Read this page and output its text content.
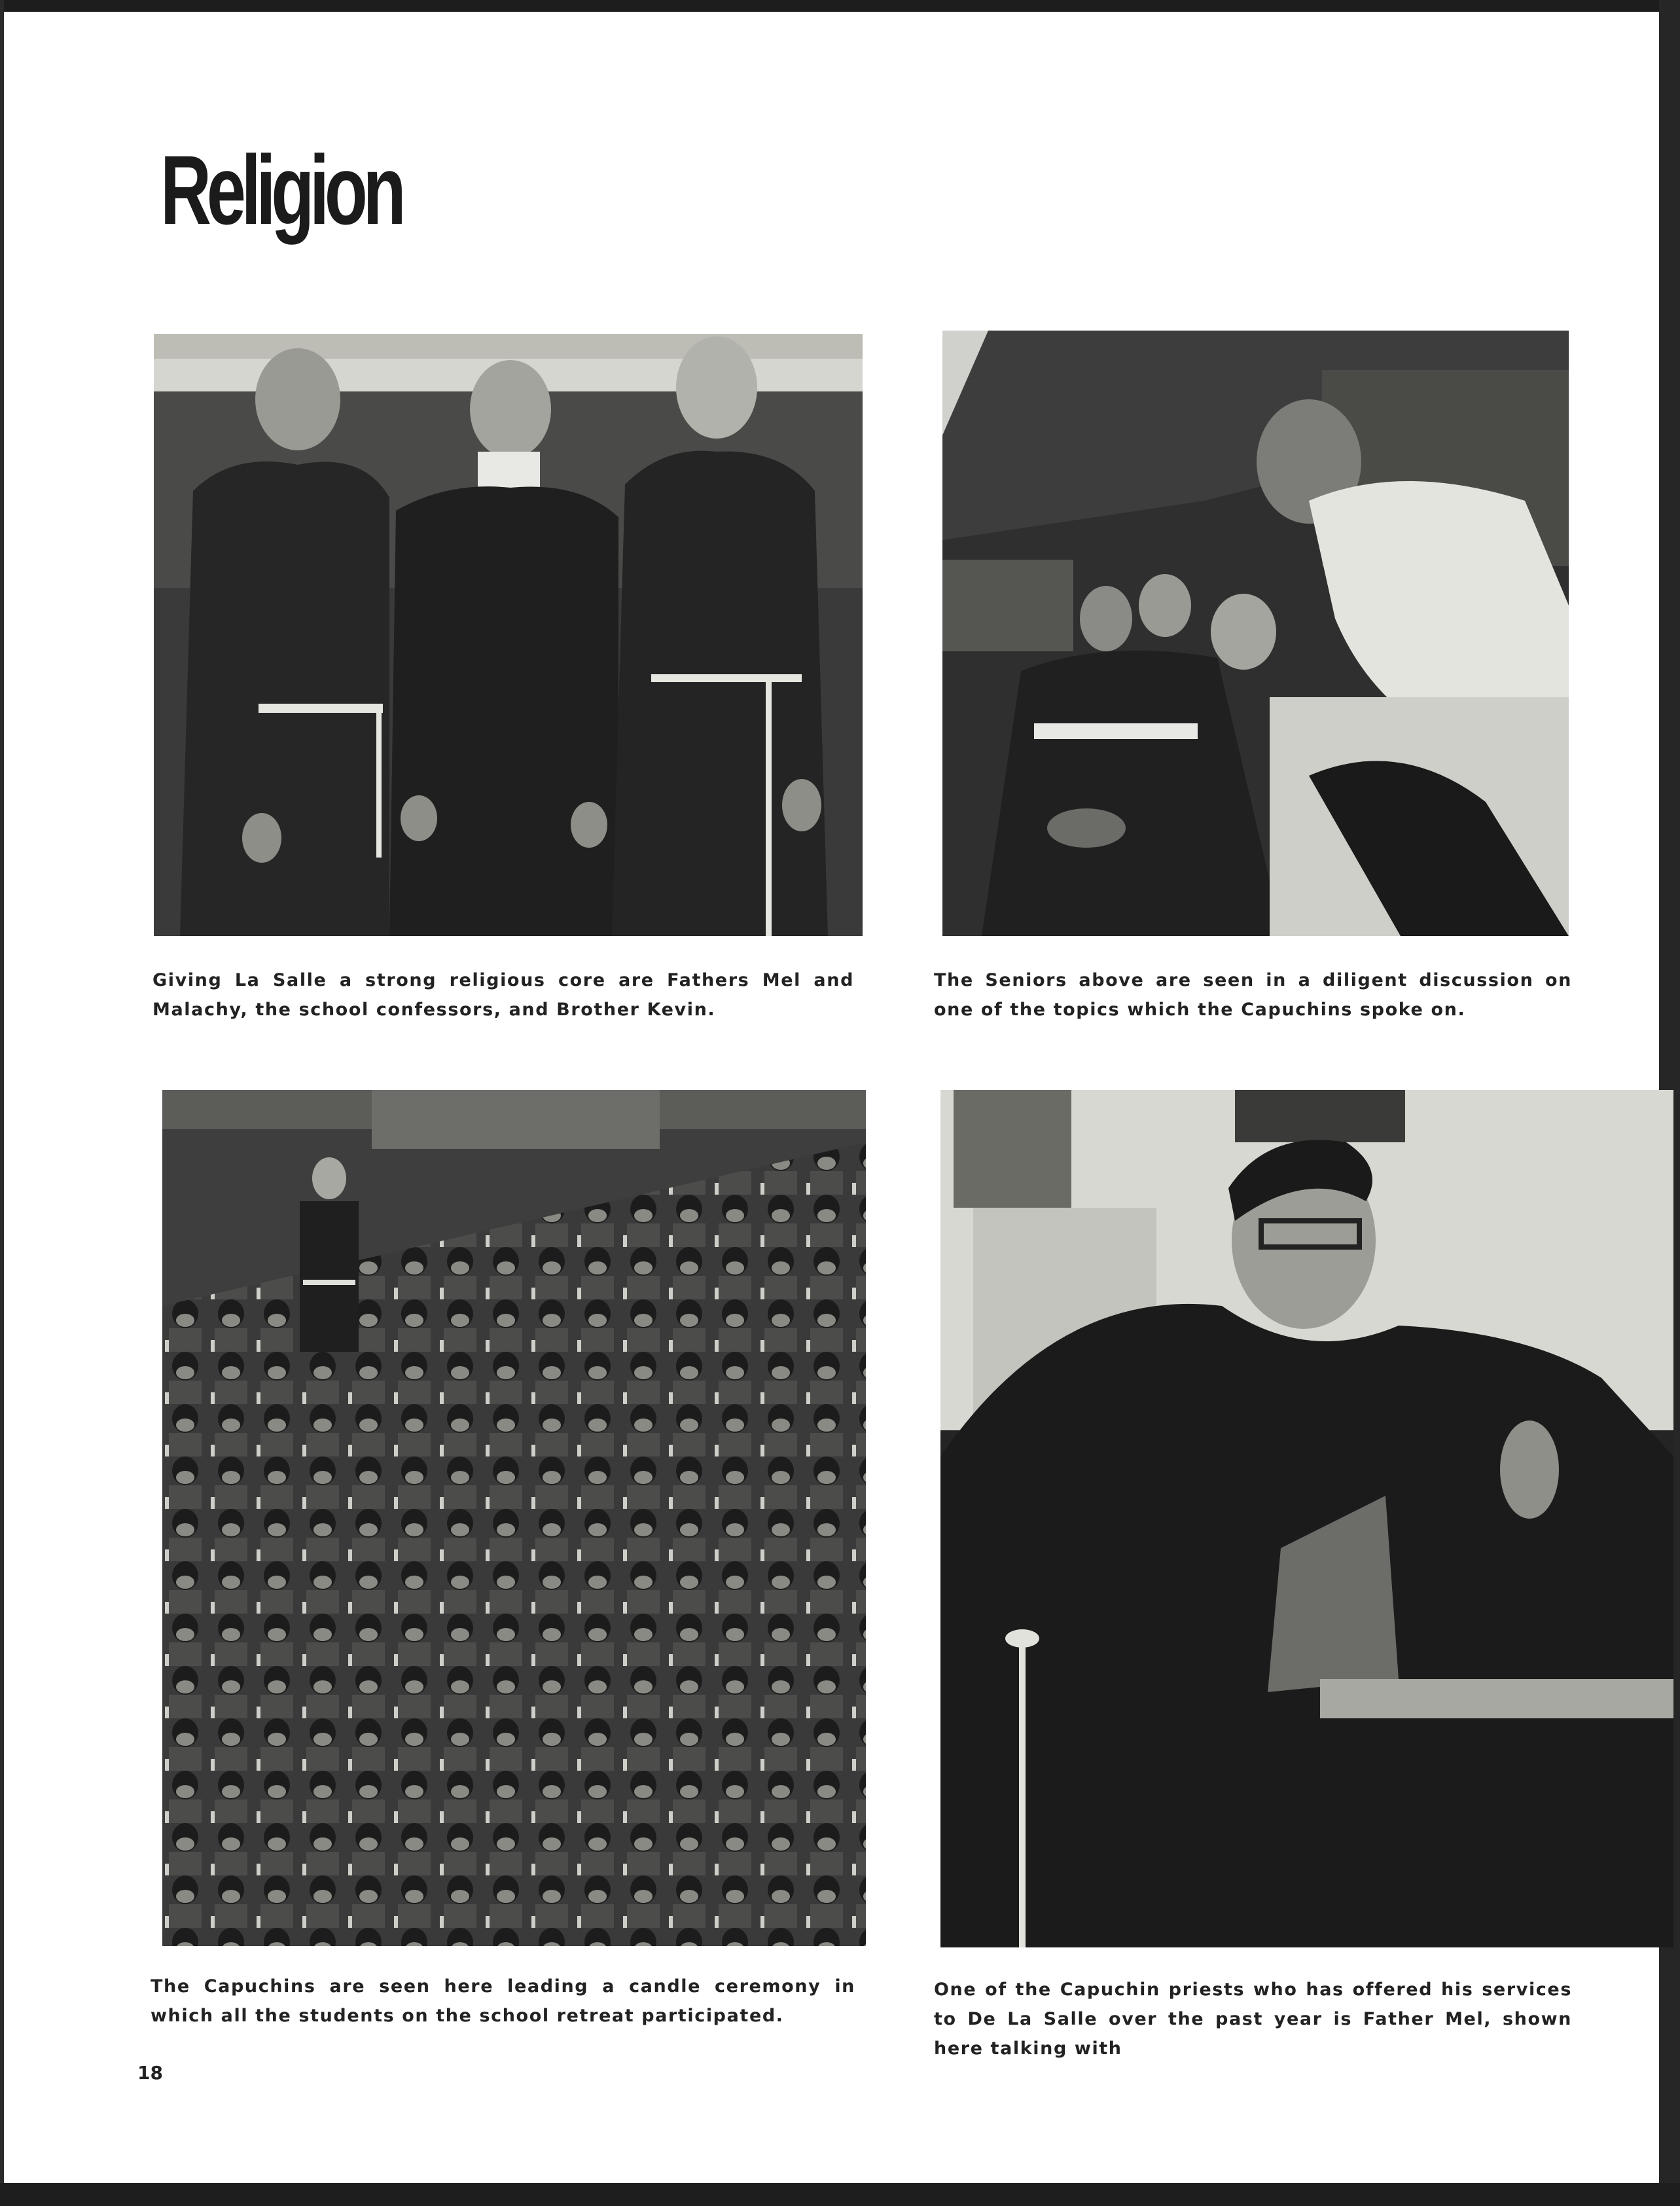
Religion
Giving La Salle a strong religious core are Fathers Mel and Malachy, the school confessors, and Brother Kevin.
The Seniors above are seen in a diligent discussion on one of the topics which the Capuchins spoke on.
The Capuchins are seen here leading a candle ceremony in which all the students on the school retreat participated.
One of the Capuchin priests who has offered his services to De La Salle over the past year is Father Mel, shown here talking with
18
